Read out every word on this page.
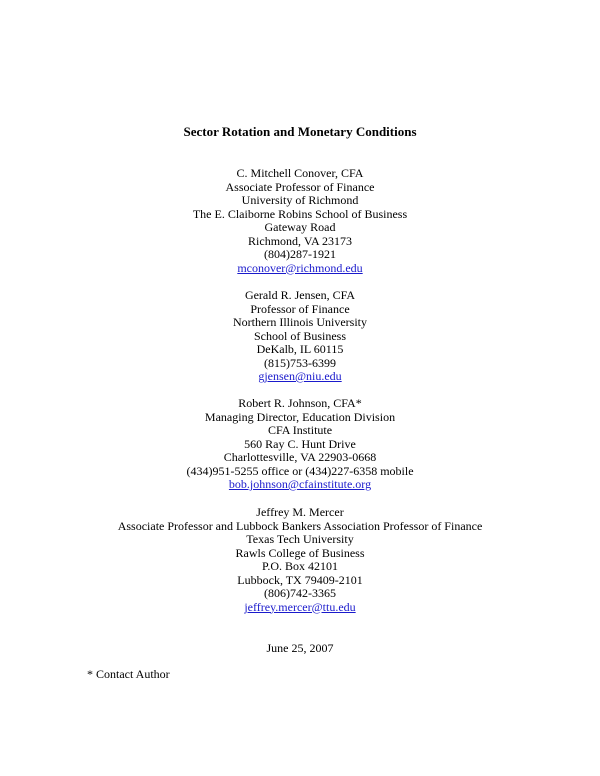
Sector Rotation and Monetary Conditions
C. Mitchell Conover, CFA
Associate Professor of Finance
University of Richmond
The E. Claiborne Robins School of Business
Gateway Road
Richmond, VA 23173
(804)287-1921
mconover@richmond.edu
Gerald R. Jensen, CFA
Professor of Finance
Northern Illinois University
School of Business
DeKalb, IL 60115
(815)753-6399
gjensen@niu.edu
Robert R. Johnson, CFA*
Managing Director, Education Division
CFA Institute
560 Ray C. Hunt Drive
Charlottesville, VA 22903-0668
(434)951-5255 office or (434)227-6358 mobile
bob.johnson@cfainstitute.org
Jeffrey M. Mercer
Associate Professor and Lubbock Bankers Association Professor of Finance
Texas Tech University
Rawls College of Business
P.O. Box 42101
Lubbock, TX 79409-2101
(806)742-3365
jeffrey.mercer@ttu.edu
June 25, 2007
* Contact Author
